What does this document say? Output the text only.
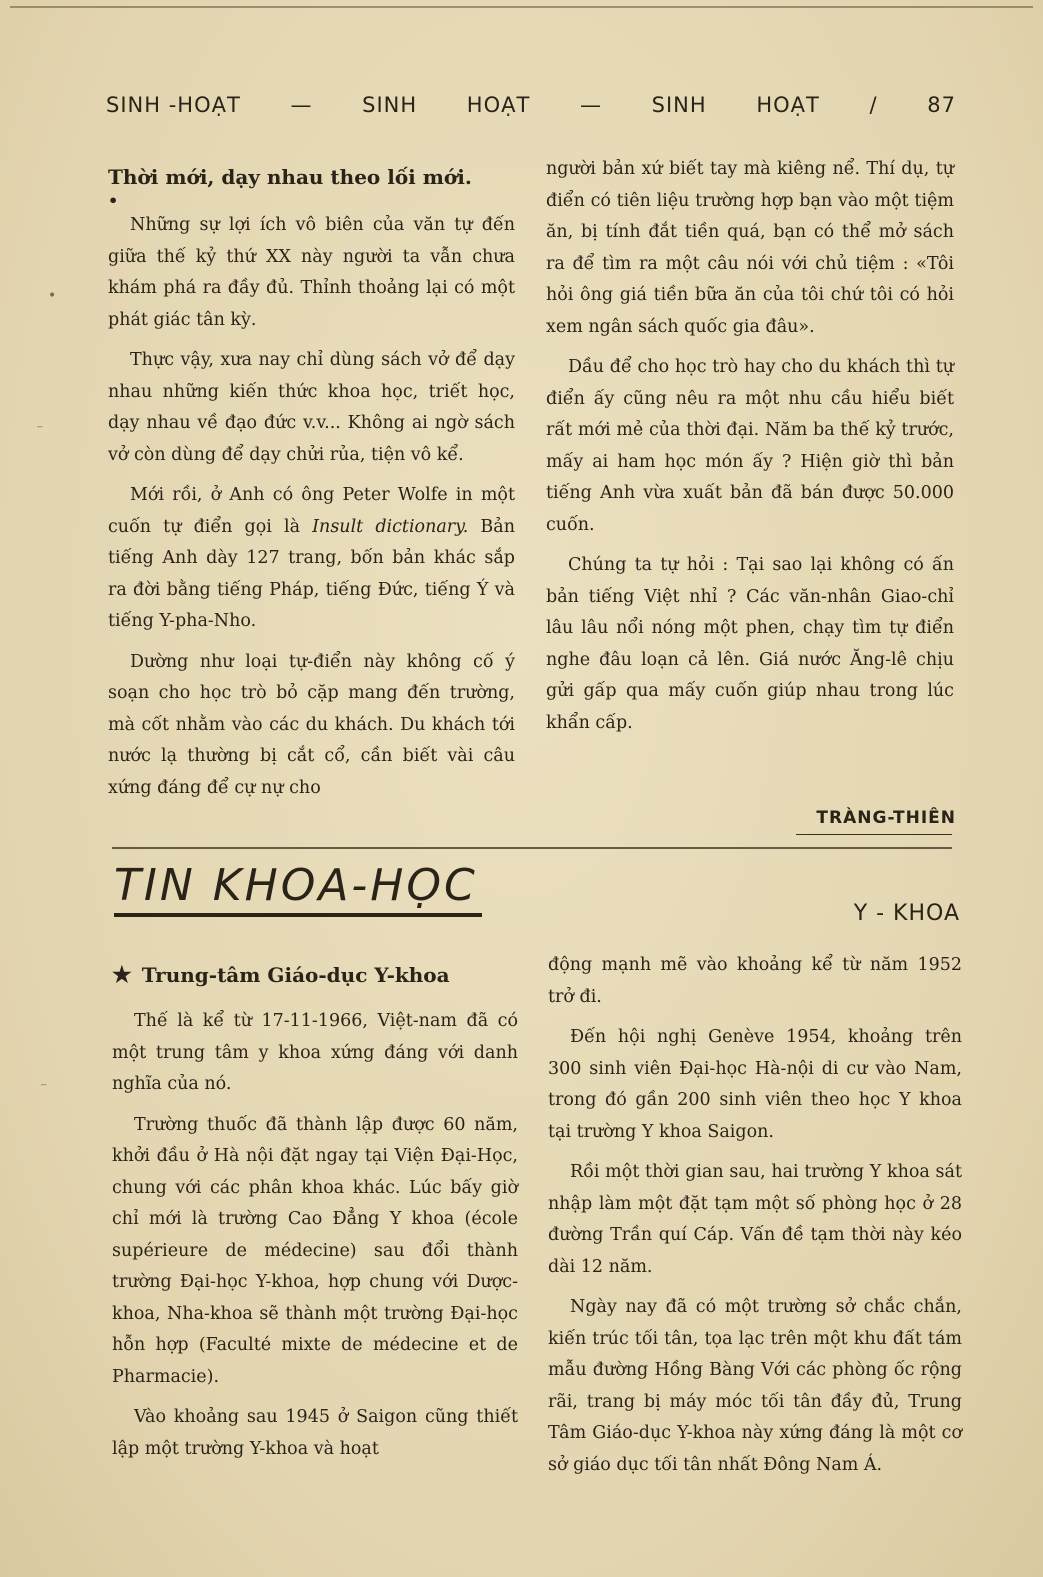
•
⁻
⁻
SINH -HOẠT — SINH HOẠT — SINH HOẠT / 87
Thời mới, dạy nhau theo lối mới.
•

Những sự lợi ích vô biên của văn tự đến giữa thế kỷ thứ XX này người ta vẫn chưa khám phá ra đầy đủ. Thỉnh thoảng lại có một phát giác tân kỳ.

Thực vậy, xưa nay chỉ dùng sách vở để dạy nhau những kiến thức khoa học, triết học, dạy nhau về đạo đức v.v... Không ai ngờ sách vở còn dùng để dạy chửi rủa, tiện vô kể.

Mới rồi, ở Anh có ông Peter Wolfe in một cuốn tự điển gọi là Insult dictionary. Bản tiếng Anh dày 127 trang, bốn bản khác sắp ra đời bằng tiếng Pháp, tiếng Đức, tiếng Ý và tiếng Y-pha-Nho.

Dường như loại tự-điển này không cố ý soạn cho học trò bỏ cặp mang đến trường, mà cốt nhằm vào các du khách. Du khách tới nước lạ thường bị cắt cổ, cần biết vài câu xứng đáng để cự nự cho

người bản xứ biết tay mà kiêng nể. Thí dụ, tự điển có tiên liệu trường hợp bạn vào một tiệm ăn, bị tính đắt tiền quá, bạn có thể mở sách ra để tìm ra một câu nói với chủ tiệm : «Tôi hỏi ông giá tiền bữa ăn của tôi chứ tôi có hỏi xem ngân sách quốc gia đâu».

Dầu để cho học trò hay cho du khách thì tự điển ấy cũng nêu ra một nhu cầu hiểu biết rất mới mẻ của thời đại. Năm ba thế kỷ trước, mấy ai ham học món ấy ? Hiện giờ thì bản tiếng Anh vừa xuất bản đã bán được 50.000 cuốn.

Chúng ta tự hỏi : Tại sao lại không có ấn bản tiếng Việt nhỉ ? Các văn-nhân Giao-chỉ lâu lâu nổi nóng một phen, chạy tìm tự điển nghe đâu loạn cả lên. Giá nước Ăng-lê chịu gửi gấp qua mấy cuốn giúp nhau trong lúc khẩn cấp.

TRÀNG-THIÊN
TIN KHOA-HỌC
Y - KHOA
★ Trung-tâm Giáo-dục Y-khoa

Thế là kể từ 17-11-1966, Việt-nam đã có một trung tâm y khoa xứng đáng với danh nghĩa của nó.

Trường thuốc đã thành lập được 60 năm, khởi đầu ở Hà nội đặt ngay tại Viện Đại-Học, chung với các phân khoa khác. Lúc bấy giờ chỉ mới là trường Cao Đẳng Y khoa (école supérieure de médecine) sau đổi thành trường Đại-học Y-khoa, hợp chung với Dược-khoa, Nha-khoa sẽ thành một trường Đại-học hỗn hợp (Faculté mixte de médecine et de Pharmacie).

Vào khoảng sau 1945 ở Saigon cũng thiết lập một trường Y-khoa và hoạt

động mạnh mẽ vào khoảng kể từ năm 1952 trở đi.

Đến hội nghị Genève 1954, khoảng trên 300 sinh viên Đại-học Hà-nội di cư vào Nam, trong đó gần 200 sinh viên theo học Y khoa tại trường Y khoa Saigon.

Rồi một thời gian sau, hai trường Y khoa sát nhập làm một đặt tạm một số phòng học ở 28 đường Trần quí Cáp. Vấn đề tạm thời này kéo dài 12 năm.

Ngày nay đã có một trường sở chắc chắn, kiến trúc tối tân, tọa lạc trên một khu đất tám mẫu đường Hồng Bàng Với các phòng ốc rộng rãi, trang bị máy móc tối tân đầy đủ, Trung Tâm Giáo-dục Y-khoa này xứng đáng là một cơ sở giáo dục tối tân nhất Đông Nam Á.
